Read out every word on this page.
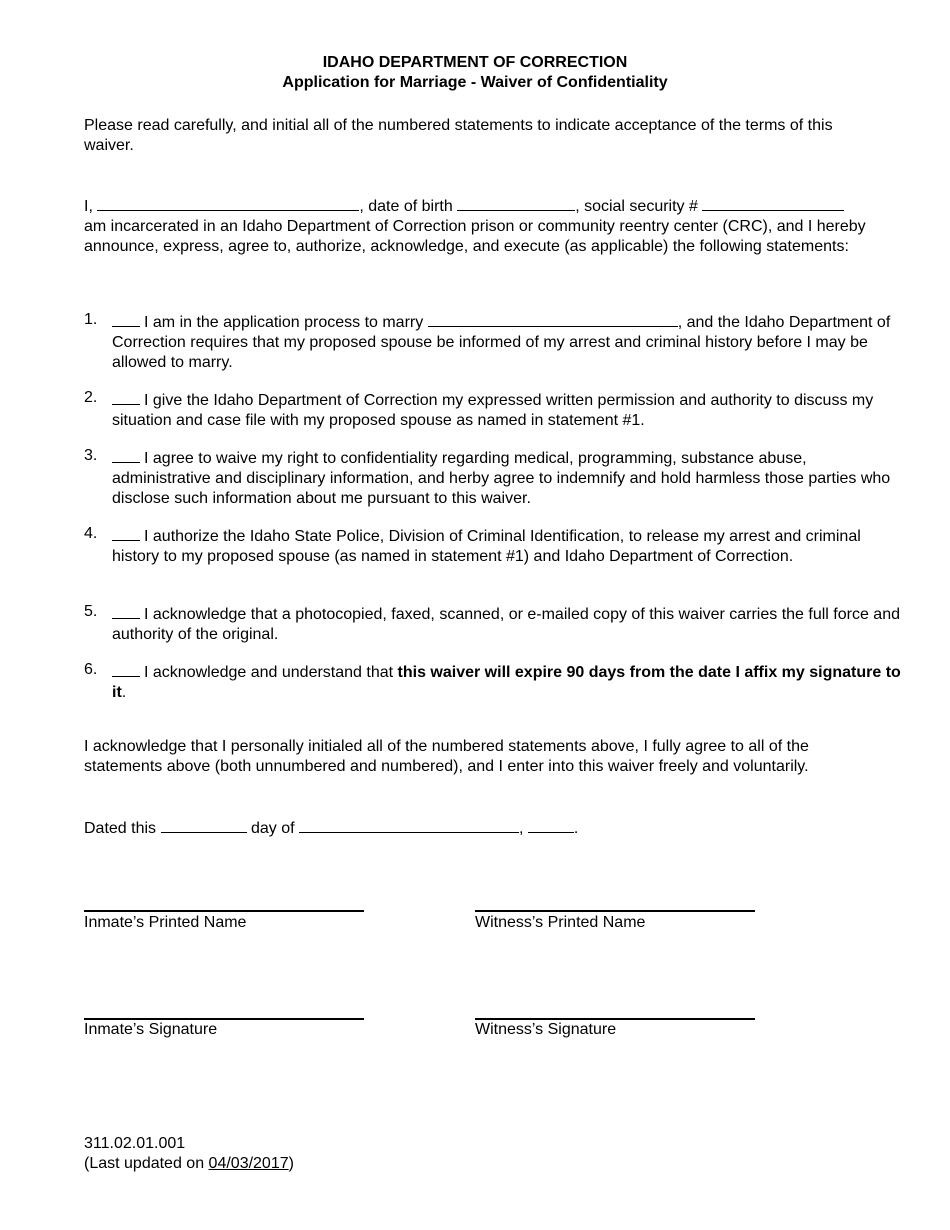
IDAHO DEPARTMENT OF CORRECTION
Application for Marriage - Waiver of Confidentiality
Please read carefully, and initial all of the numbered statements to indicate acceptance of the terms of this waiver.
I,	, date of birth	, social security #
am incarcerated in an Idaho Department of Correction prison or community reentry center (CRC), and I hereby announce, express, agree to, authorize, acknowledge, and execute (as applicable) the following statements:
1.	I am in the application process to marry	, and the Idaho Department of Correction requires that my proposed spouse be informed of my arrest and criminal history before I may be allowed to marry.
2.	I give the Idaho Department of Correction my expressed written permission and authority to discuss my situation and case file with my proposed spouse as named in statement #1.
3.	I agree to waive my right to confidentiality regarding medical, programming, substance abuse, administrative and disciplinary information, and herby agree to indemnify and hold harmless those parties who disclose such information about me pursuant to this waiver.
4.	I authorize the Idaho State Police, Division of Criminal Identification, to release my arrest and criminal history to my proposed spouse (as named in statement #1) and Idaho Department of Correction.
5.	I acknowledge that a photocopied, faxed, scanned, or e-mailed copy of this waiver carries the full force and authority of the original.
6.	I acknowledge and understand that this waiver will expire 90 days from the date I affix my signature to it.
I acknowledge that I personally initialed all of the numbered statements above, I fully agree to all of the statements above (both unnumbered and numbered), and I enter into this waiver freely and voluntarily.
Dated this	day of	,	.
Inmate’s Printed Name	Witness’s Printed Name
Inmate’s Signature	Witness’s Signature
311.02.01.001
(Last updated on 04/03/2017)
